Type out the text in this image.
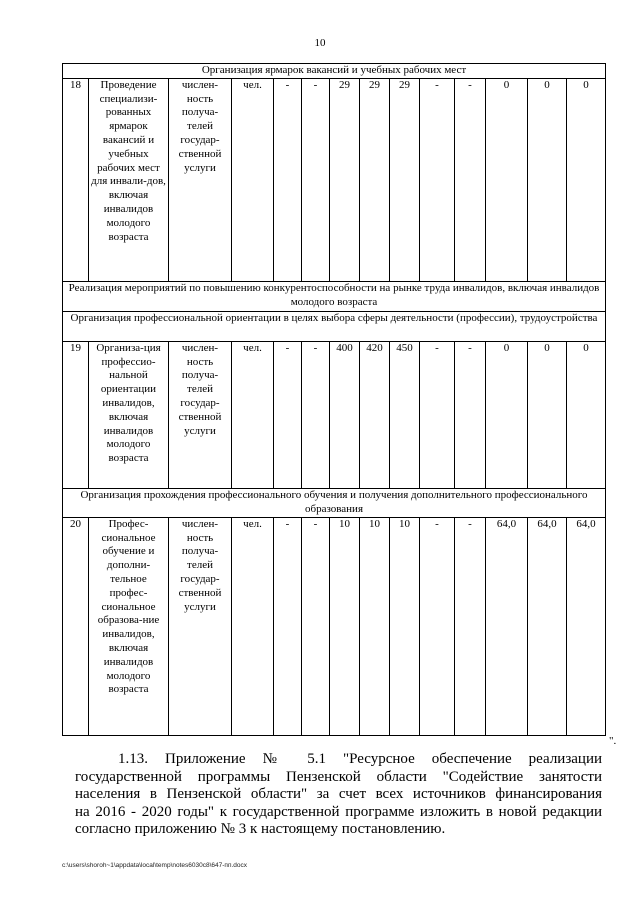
10
Организация ярмарок вакансий и учебных рабочих мест													
18	Проведение специализи-рованных ярмарок вакансий и учебных рабочих мест для инвали-дов, включая инвалидов молодого возраста	числен-ность получа-телей государ-ственной услуги	чел.	-	-	29	29	29	-	-	0	0	0
Реализация мероприятий по повышению конкурентоспособности на рынке труда инвалидов, включая инвалидов молодого возраста													
Организация профессиональной ориентации в целях выбора сферы деятельности (профессии), трудоустройства													
19	Организа-ция профессио-нальной ориентации инвалидов, включая инвалидов молодого возраста	числен-ность получа-телей государ-ственной услуги	чел.	-	-	400	420	450	-	-	0	0	0
Организация прохождения профессионального обучения и получения дополнительного профессионального образования													
20	Профес-сиональное обучение и дополни-тельное профес-сиональное образова-ние инвалидов, включая инвалидов молодого возраста	числен-ность получа-телей государ-ственной услуги	чел.	-	-	10	10	10	-	-	64,0	64,0	64,0
".
1.13. Приложение № 5.1 "Ресурсное обеспечение реализации
государственной программы Пензенской области "Содействие занятости
населения в Пензенской области" за счет всех источников финансирования
на 2016 - 2020 годы" к государственной программе изложить в новой редакции
согласно приложению № 3 к настоящему постановлению.
c:\users\shoroh~1\appdata\local\temp\notes6030c8\647-пп.docx
